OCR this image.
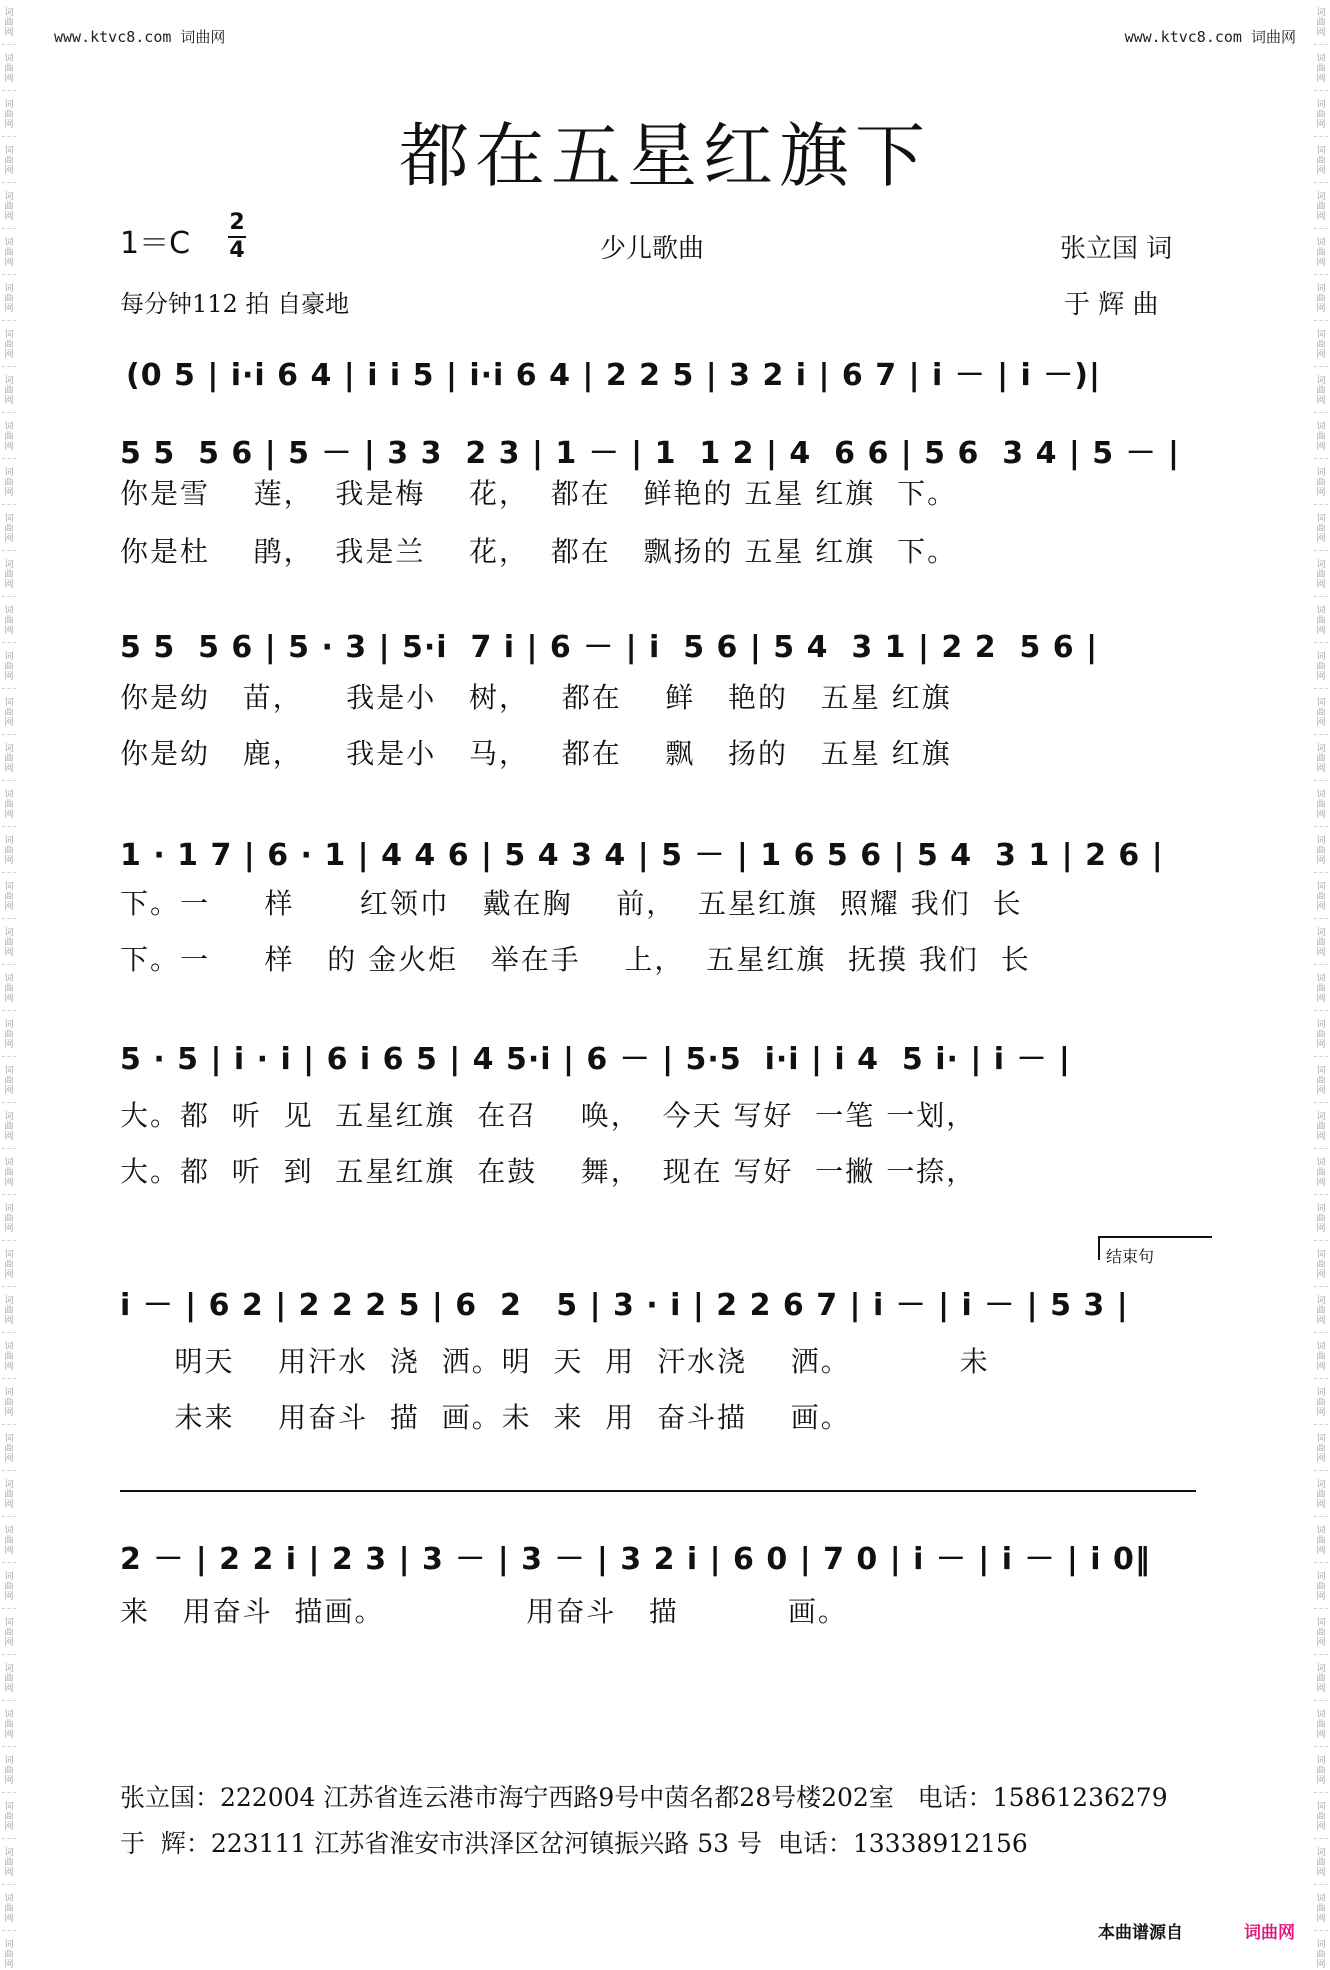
词
曲
网
词
曲
网
词
曲
网
词
曲
网
词
曲
网
词
曲
网
词
曲
网
词
曲
网
词
曲
网
词
曲
网
词
曲
网
词
曲
网
词
曲
网
词
曲
网
词
曲
网
词
曲
网
词
曲
网
词
曲
网
词
曲
网
词
曲
网
词
曲
网
词
曲
网
词
曲
网
词
曲
网
词
曲
网
词
曲
网
词
曲
网
词
曲
网
词
曲
网
词
曲
网
词
曲
网
词
曲
网
词
曲
网
词
曲
网
词
曲
网
词
曲
网
词
曲
网
词
曲
网
词
曲
网
词
曲
网
词
曲
网
词
曲
网
词
曲
网
词
曲
网
词
曲
网
词
曲
网
词
曲
网
词
曲
网
词
曲
网
词
曲
网
词
曲
网
词
曲
网
词
曲
网
词
曲
网
词
曲
网
词
曲
网
词
曲
网
词
曲
网
词
曲
网
词
曲
网
词
曲
网
词
曲
网
词
曲
网
词
曲
网
词
曲
网
词
曲
网
词
曲
网
词
曲
网
词
曲
网
词
曲
网
词
曲
网
词
曲
网
词
曲
网
词
曲
网
词
曲
网
词
曲
网
词
曲
网
词
曲
网
词
曲
网
词
曲
网
词
曲
网
词
曲
网
词
曲
网
词
曲
网
词
曲
网
词
曲
网
www.ktvc8.com 词曲网	www.ktvc8.com 词曲网
都在五星红旗下
1＝C
2
4	少儿歌曲	张立国 词
每分钟112 拍 自豪地	于 辉 曲
(0 5 | i·i 6 4 | i i 5 | i·i 6 4 | 2 2 5 | 3 2 i | 6 7 | i － | i －)|
5 5  5 6 | 5 － | 3 3  2 3 | 1 － | 1  1 2 | 4  6 6 | 5 6  3 4 | 5 － |
你是雪    莲，  我是梅    花，  都在   鲜艳的 五星 红旗  下。
你是杜    鹃，  我是兰    花，  都在   飘扬的 五星 红旗  下。
5 5  5 6 | 5 · 3 | 5·i  7 i | 6 － | i  5 6 | 5 4  3 1 | 2 2  5 6 |
你是幼   苗，    我是小   树，   都在    鲜   艳的   五星 红旗
你是幼   鹿，    我是小   马，   都在    飘   扬的   五星 红旗
1 · 1 7 | 6 · 1 | 4 4 6 | 5 4 3 4 | 5 － | 1 6 5 6 | 5 4  3 1 | 2 6 |
下。一     样      红领巾   戴在胸    前，  五星红旗  照耀 我们  长
下。一     样   的 金火炬   举在手    上，  五星红旗  抚摸 我们  长
5 · 5 | i · i | 6 i 6 5 | 4 5·i | 6 － | 5·5  i·i | i 4  5 i· | i － |
大。都  听  见  五星红旗  在召    唤，  今天 写好  一笔 一划，
大。都  听  到  五星红旗  在鼓    舞，  现在 写好  一撇 一捺，
结束句
i － | 6 2 | 2 2 2 5 | 6  2   5 | 3 · i | 2 2 6 7 | i － | i － | 5 3 |
明天    用汗水  浇  洒。明  天  用  汗水浇    洒。          未
未来    用奋斗  描  画。未  来  用  奋斗描    画。
2 － | 2 2 i | 2 3 | 3 － | 3 － | 3 2 i | 6 0 | 7 0 | i － | i － | i 0‖
来   用奋斗  描画。             用奋斗   描          画。
张立国：222004 江苏省连云港市海宁西路9号中茵名都28号楼202室   电话：15861236279
于  辉：223111 江苏省淮安市洪泽区岔河镇振兴路 53 号  电话：13338912156
本曲谱源自	词曲网
